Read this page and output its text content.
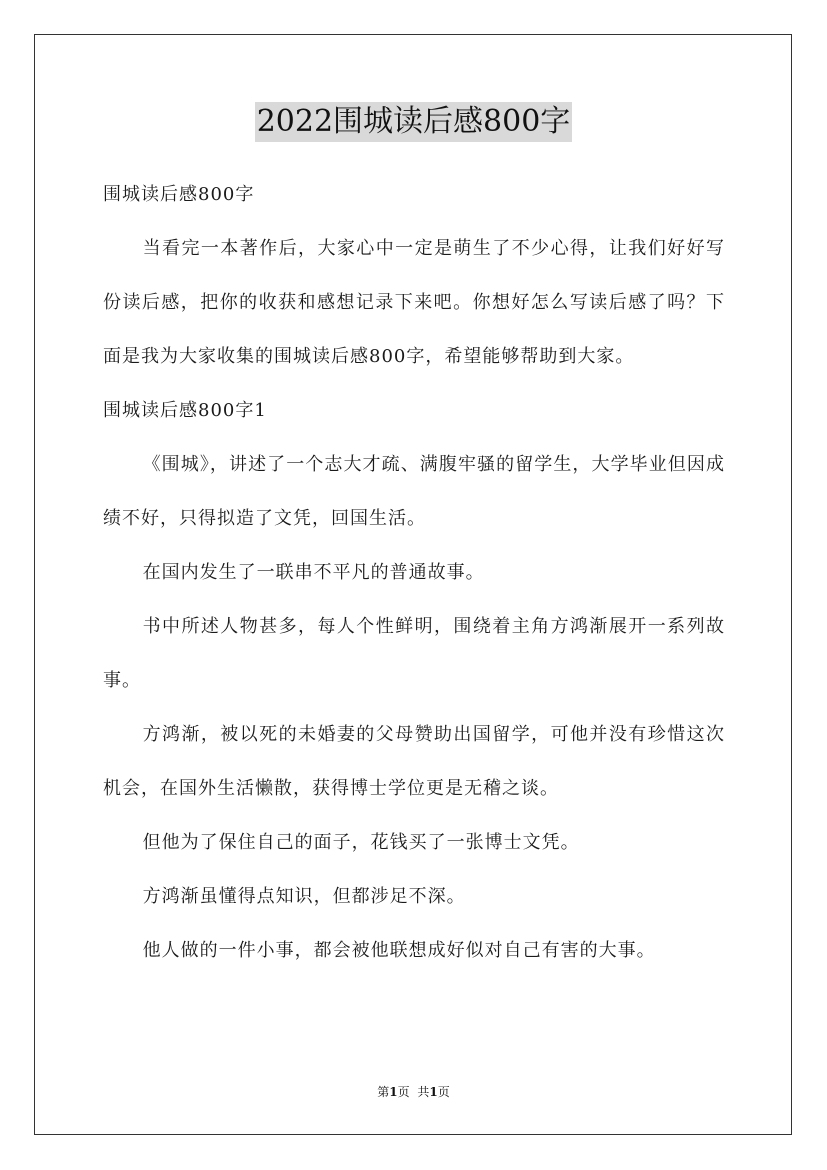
2022围城读后感800字

围城读后感800字

当看完一本著作后，大家心中一定是萌生了不少心得，让我们好好写份读后感，把你的收获和感想记录下来吧。你想好怎么写读后感了吗？下面是我为大家收集的围城读后感800字，希望能够帮助到大家。

围城读后感800字1

《围城》，讲述了一个志大才疏、满腹牢骚的留学生，大学毕业但因成绩不好，只得拟造了文凭，回国生活。

在国内发生了一联串不平凡的普通故事。

书中所述人物甚多，每人个性鲜明，围绕着主角方鸿渐展开一系列故事。

方鸿渐，被以死的未婚妻的父母赞助出国留学，可他并没有珍惜这次机会，在国外生活懒散，获得博士学位更是无稽之谈。

但他为了保住自己的面子，花钱买了一张博士文凭。

方鸿渐虽懂得点知识，但都涉足不深。

他人做的一件小事，都会被他联想成好似对自己有害的大事。

第1页 共1页
